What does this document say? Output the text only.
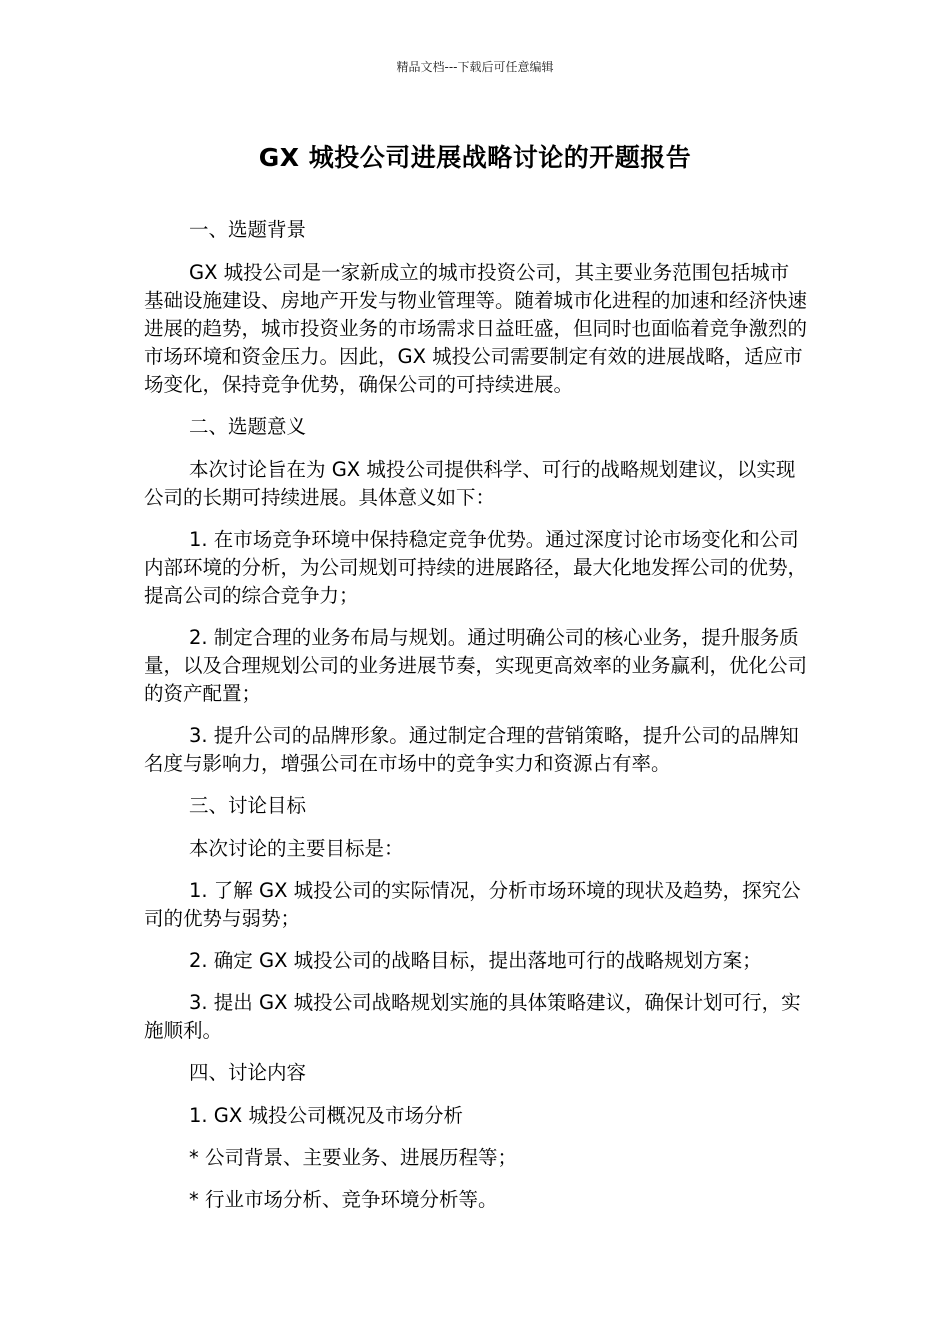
精品文档---下载后可任意编辑
GX 城投公司进展战略讨论的开题报告

一、选题背景

GX 城投公司是一家新成立的城市投资公司，其主要业务范围包括城市基础设施建设、房地产开发与物业管理等。随着城市化进程的加速和经济快速进展的趋势，城市投资业务的市场需求日益旺盛，但同时也面临着竞争激烈的市场环境和资金压力。因此，GX 城投公司需要制定有效的进展战略，适应市场变化，保持竞争优势，确保公司的可持续进展。

二、选题意义

本次讨论旨在为 GX 城投公司提供科学、可行的战略规划建议，以实现公司的长期可持续进展。具体意义如下：

1. 在市场竞争环境中保持稳定竞争优势。通过深度讨论市场变化和公司内部环境的分析，为公司规划可持续的进展路径，最大化地发挥公司的优势，提高公司的综合竞争力；

2. 制定合理的业务布局与规划。通过明确公司的核心业务，提升服务质量，以及合理规划公司的业务进展节奏，实现更高效率的业务赢利，优化公司的资产配置；

3. 提升公司的品牌形象。通过制定合理的营销策略，提升公司的品牌知名度与影响力，增强公司在市场中的竞争实力和资源占有率。

三、讨论目标

本次讨论的主要目标是：

1. 了解 GX 城投公司的实际情况，分析市场环境的现状及趋势，探究公司的优势与弱势；

2. 确定 GX 城投公司的战略目标，提出落地可行的战略规划方案；

3. 提出 GX 城投公司战略规划实施的具体策略建议，确保计划可行，实施顺利。

四、讨论内容

1. GX 城投公司概况及市场分析

* 公司背景、主要业务、进展历程等；

* 行业市场分析、竞争环境分析等。
